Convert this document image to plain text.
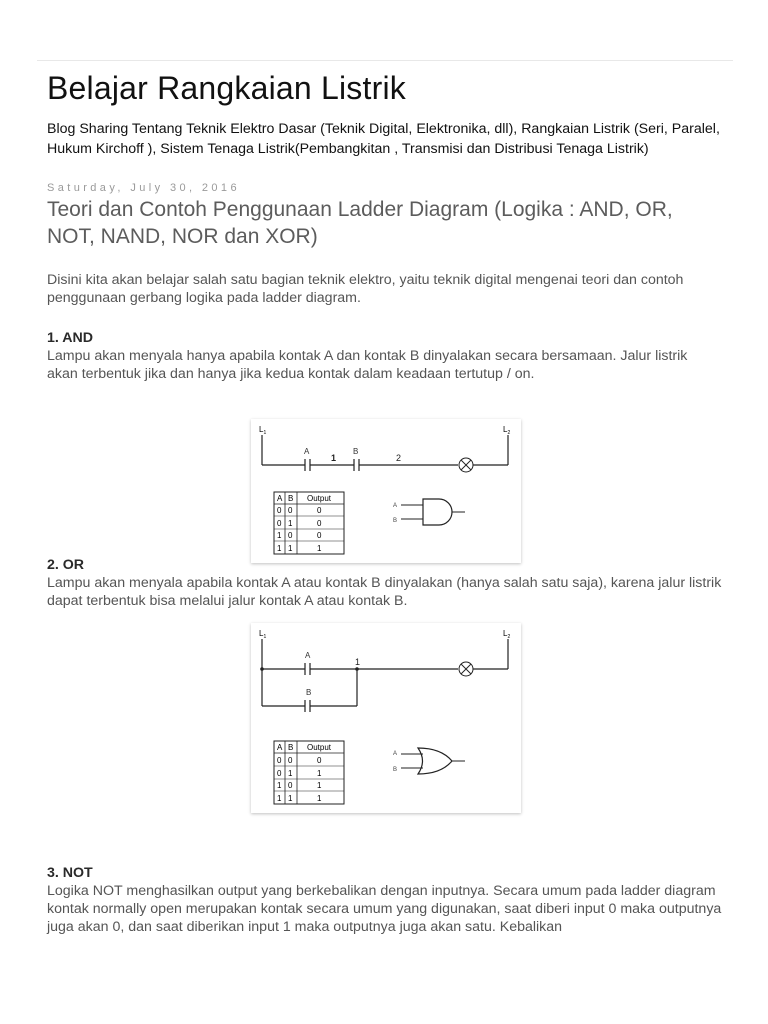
Belajar Rangkaian Listrik

Blog Sharing Tentang Teknik Elektro Dasar (Teknik Digital, Elektronika, dll), Rangkaian Listrik (Seri, Paralel, Hukum Kirchoff ), Sistem Tenaga Listrik(Pembangkitan , Transmisi dan Distribusi Tenaga Listrik)

Saturday, July 30, 2016
Teori dan Contoh Penggunaan Ladder Diagram (Logika : AND, OR, NOT, NAND, NOR dan XOR)

Disini kita akan belajar salah satu bagian teknik elektro, yaitu teknik digital mengenai teori dan contoh penggunaan gerbang logika pada ladder diagram.

1. AND

Lampu akan menyala hanya apabila kontak A dan kontak B dinyalakan secara bersamaan. Jalur listrik akan terbentuk jika dan hanya jika kedua kontak dalam keadaan tertutup / on.

2. OR

Lampu akan menyala apabila kontak A atau kontak B dinyalakan (hanya salah satu saja), karena jalur listrik dapat terbentuk bisa melalui jalur kontak A atau kontak B.

3. NOT

Logika NOT menghasilkan output yang berkebalikan dengan inputnya. Secara umum pada ladder diagram kontak normally open merupakan kontak secara umum yang digunakan, saat diberi input 0 maka outputnya juga akan 0, dan saat diberikan input 1 maka outputnya juga akan satu. Kebalikan

$L_1$	$L_2$
A
1
B
2
A B Output
0 0	0
0 1	0
1 0	0
1 1	1
A
B
$L_1$	$L_2$
A
1
B
A B Output
0 0	0
0 1	1
1 0	1
1 1	1
A
B
